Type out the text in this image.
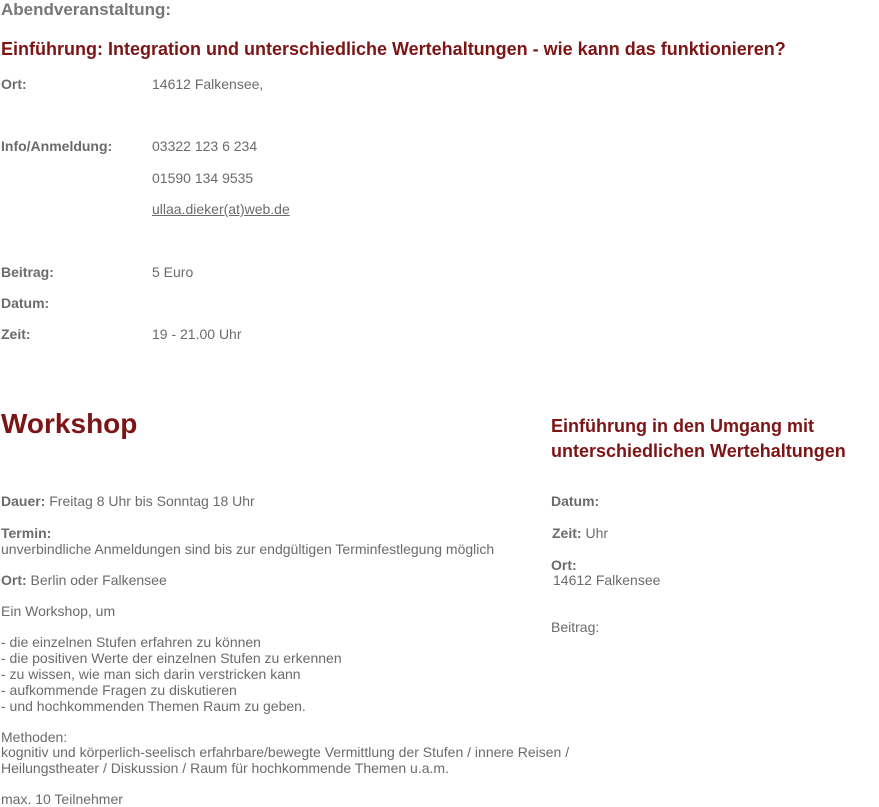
Abendveranstaltung:
Einführung: Integration und unterschiedliche Wertehaltungen - wie kann das funktionieren?
Ort:	14612 Falkensee,
Info/Anmeldung:	03322 123 6 234
01590 134 9535
ullaa.dieker(at)web.de
Beitrag:	5 Euro
Datum:
Zeit:	19 - 21.00 Uhr
Workshop
Dauer: Freitag 8 Uhr bis Sonntag 18 Uhr
Termin:
unverbindliche Anmeldungen sind bis zur endgültigen Terminfestlegung möglich
Ort: Berlin oder Falkensee
Ein Workshop, um
- die einzelnen Stufen erfahren zu können
- die positiven Werte der einzelnen Stufen zu erkennen
- zu wissen, wie man sich darin verstricken kann
- aufkommende Fragen zu diskutieren
- und hochkommenden Themen Raum zu geben.
Methoden:
kognitiv und körperlich-seelisch erfahrbare/bewegte Vermittlung der Stufen / innere Reisen /
Heilungstheater / Diskussion / Raum für hochkommende Themen u.a.m.
max. 10 Teilnehmer
Einführung in den Umgang mit
unterschiedlichen Wertehaltungen
Datum:
Zeit: Uhr
Ort:
14612 Falkensee
Beitrag:
